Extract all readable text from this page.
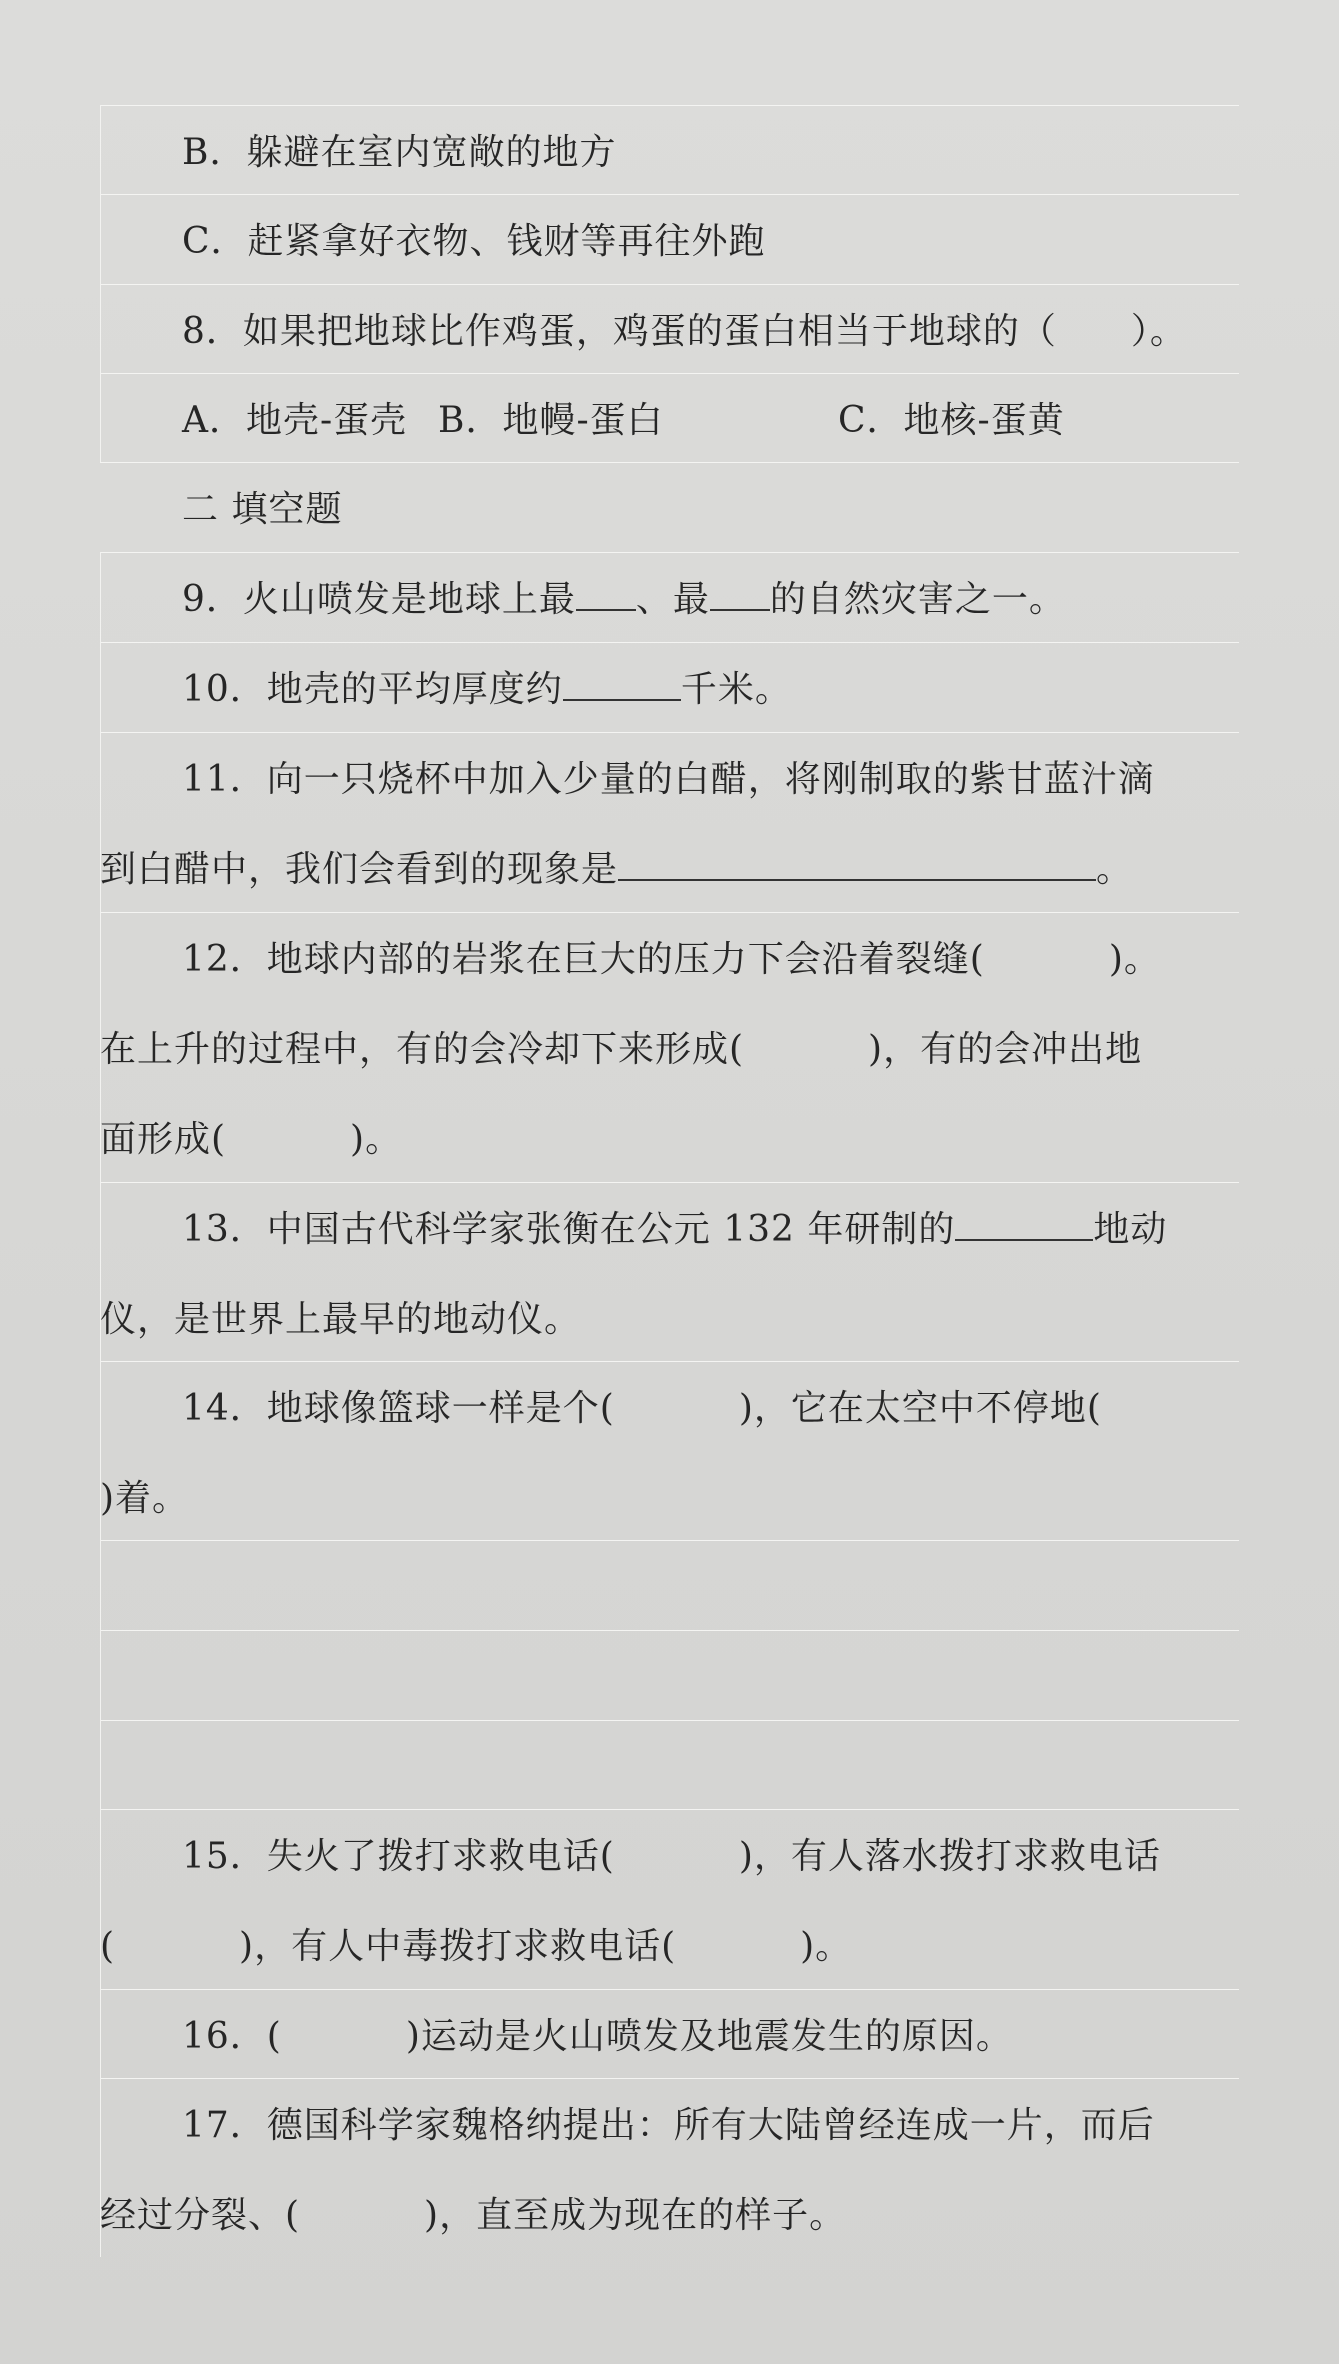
B．躲避在室内宽敞的地方
C．赶紧拿好衣物、钱财等再往外跑
8．如果把地球比作鸡蛋，鸡蛋的蛋白相当于地球的（　　）。
A．地壳-蛋壳 B．地幔-蛋白	C．地核-蛋黄
二 填空题
9．火山喷发是地球上最 、最 的自然灾害之一。
10．地壳的平均厚度约	千米。
11．向一只烧杯中加入少量的白醋，将刚制取的紫甘蓝汁滴
到白醋中，我们会看到的现象是	。
12．地球内部的岩浆在巨大的压力下会沿着裂缝(	)。
在上升的过程中，有的会冷却下来形成(	)，有的会冲出地
面形成(	)。
13．中国古代科学家张衡在公元 132 年研制的	地动
仪，是世界上最早的地动仪。
14．地球像篮球一样是个(	)，它在太空中不停地(
)着。
15．失火了拨打求救电话(	)，有人落水拨打求救电话
(	)，有人中毒拨打求救电话(	)。
16．(	)运动是火山喷发及地震发生的原因。
17．德国科学家魏格纳提出：所有大陆曾经连成一片，而后
经过分裂、(	)，直至成为现在的样子。
